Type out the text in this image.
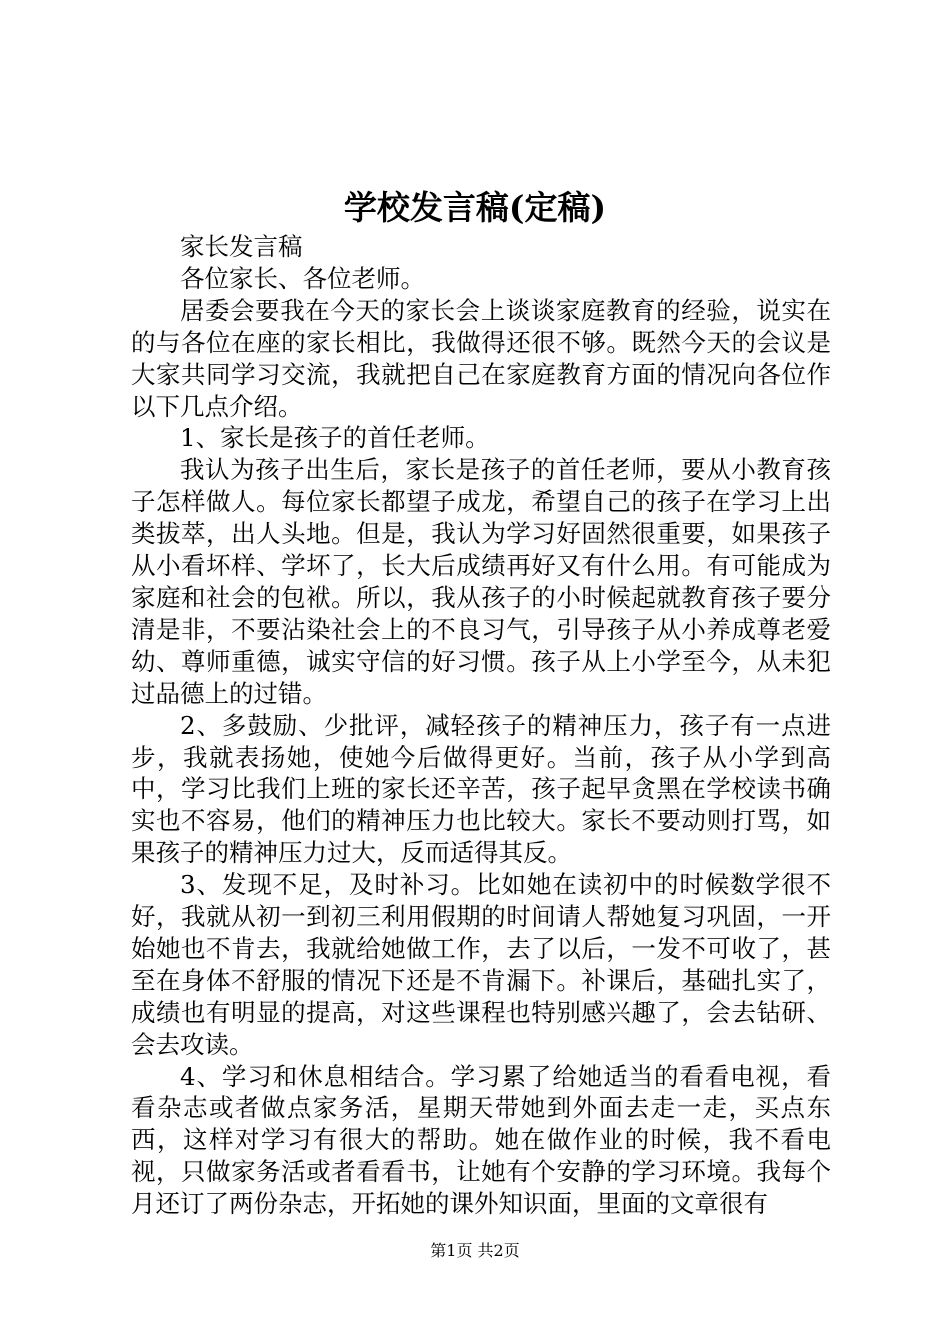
学校发言稿(定稿)

家长发言稿

各位家长、各位老师。

居委会要我在今天的家长会上谈谈家庭教育的经验，说实在的与各位在座的家长相比，我做得还很不够。既然今天的会议是大家共同学习交流，我就把自己在家庭教育方面的情况向各位作以下几点介绍。

1、家长是孩子的首任老师。

我认为孩子出生后，家长是孩子的首任老师，要从小教育孩子怎样做人。每位家长都望子成龙，希望自己的孩子在学习上出类拔萃，出人头地。但是，我认为学习好固然很重要，如果孩子从小看坏样、学坏了，长大后成绩再好又有什么用。有可能成为家庭和社会的包袱。所以，我从孩子的小时候起就教育孩子要分清是非，不要沾染社会上的不良习气，引导孩子从小养成尊老爱幼、尊师重德，诚实守信的好习惯。孩子从上小学至今，从未犯过品德上的过错。

2、多鼓励、少批评，减轻孩子的精神压力，孩子有一点进步，我就表扬她，使她今后做得更好。当前，孩子从小学到高中，学习比我们上班的家长还辛苦，孩子起早贪黑在学校读书确实也不容易，他们的精神压力也比较大。家长不要动则打骂，如果孩子的精神压力过大，反而适得其反。

3、发现不足，及时补习。比如她在读初中的时候数学很不好，我就从初一到初三利用假期的时间请人帮她复习巩固，一开始她也不肯去，我就给她做工作，去了以后，一发不可收了，甚至在身体不舒服的情况下还是不肯漏下。补课后，基础扎实了，成绩也有明显的提高，对这些课程也特别感兴趣了，会去钻研、会去攻读。

4、学习和休息相结合。学习累了给她适当的看看电视，看看杂志或者做点家务活，星期天带她到外面去走一走，买点东西，这样对学习有很大的帮助。她在做作业的时候，我不看电视，只做家务活或者看看书，让她有个安静的学习环境。我每个月还订了两份杂志，开拓她的课外知识面，里面的文章很有

第1页 共2页
